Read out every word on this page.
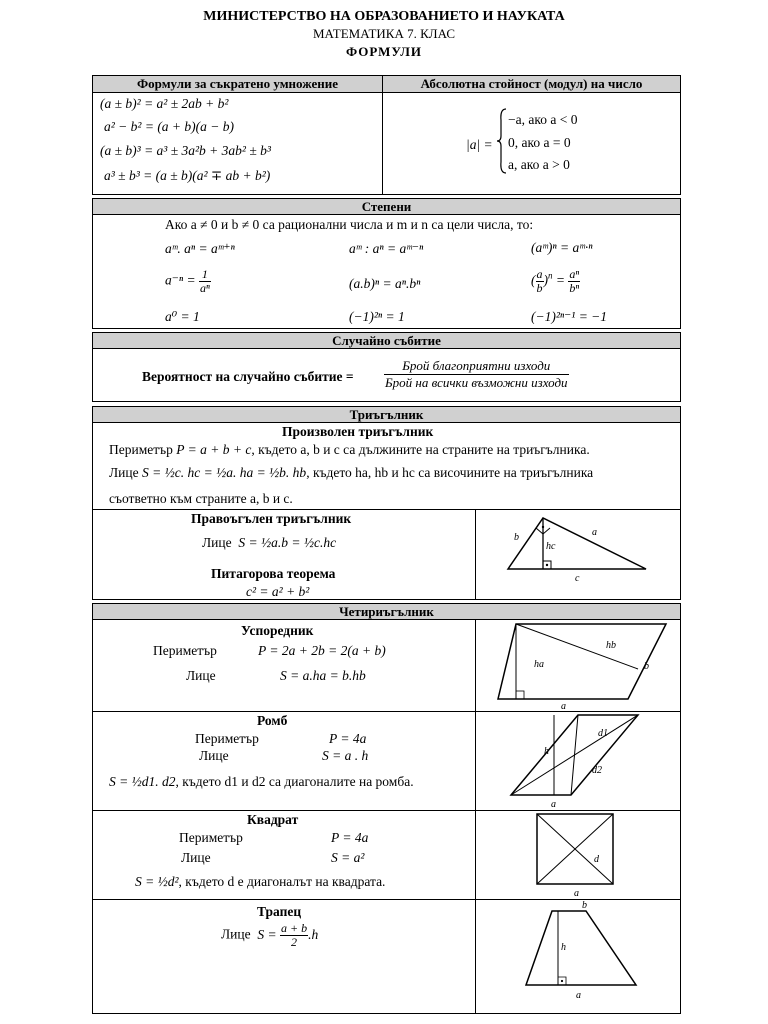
МИНИСТЕРСТВО НА ОБРАЗОВАНИЕТО И НАУКАТА
МАТЕМАТИКА 7. КЛАС
ФОРМУЛИ
Формули за съкратено умножение	Абсолютна стойност (модул) на число
(a ± b)² = a² ± 2ab + b²
a² − b² = (a + b)(a − b)
(a ± b)³ = a³ ± 3a²b + 3ab² ± b³
a³ ± b³ = (a ± b)(a² ∓ ab + b²)
|a| =
−a, ако a < 0
0, ако a = 0
a, ако a > 0
Степени
Ако a ≠ 0 и b ≠ 0 са рационални числа и m и n са цели числа, то:
aᵐ. aⁿ = aᵐ⁺ⁿ	aᵐ : aⁿ = aᵐ⁻ⁿ	(aᵐ)ⁿ = aᵐ·ⁿ
$a^{-n} = \frac{1}{\text{aⁿ}}$	(a.b)ⁿ = aⁿ.bⁿ	( $\frac{a}{b} )^n = \frac{\text{aⁿ}}{\text{bⁿ}}$
a⁰ = 1	(−1)²ⁿ = 1	(−1)²ⁿ⁻¹ = −1
Случайно събитие
Вероятност на случайно събитие = $\frac{\text{Брой благоприятни изходи}}{\text{Брой на всички възможни изходи}}$
Триъгълник
Произволен триъгълник
Периметър P = a + b + c, където a, b и c са дължините на страните на триъгълника.
Лице S = ½c. hc = ½a. ha = ½b. hb, където ha, hb и hc са височините на триъгълника
съответно към страните a, b и c.
Правоъгълен триъгълник
Лице S = ½a.b = ½c.hc
Питагорова теорема
c² = a² + b²
b	a
c
hc
Четириъгълник
Успоредник
Периметър	P = 2a + 2b = 2(a + b)
Лице	S = a.ha = b.hb
ha
hb
b
a
Ромб
Периметър	P = 4a
Лице	S = a . h
S = ½d1. d2, където d1 и d2 са диагоналите на ромба.
d1
d2
h
a
Квадрат
Периметър	P = 4a
Лице	S = a²
S = ½d², където d е диагоналът на квадрата.
d
a
Трапец
Лице $S = \frac{a + b}{2} .h$
b
h
a
